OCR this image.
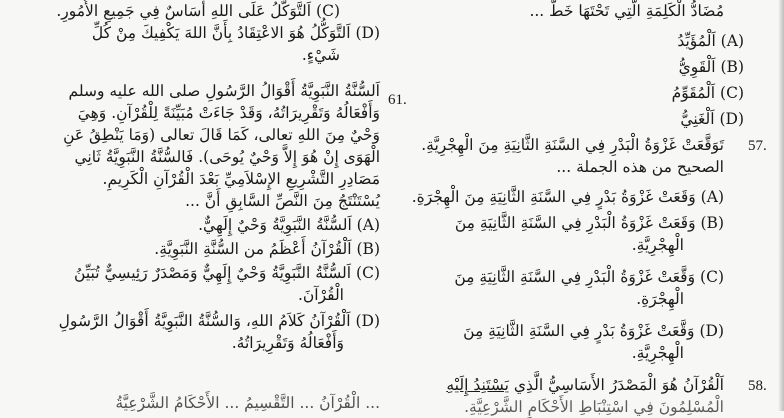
(C) اَلتَّوَكُّلُ عَلَى اللهِ أَسَاسٌ فِي جَمِيعِ الأُمُورِ.
(D) اَلتَّوَكُّلُ هُوَ الاعْتِقَادُ بِأَنَّ اللهَ يَكْفِيكَ مِنْ كُلِّ
شَيْءٍ.
اَلسُّنَّةُ النَّبَوِيَّةُ أَقْوَالُ الرَّسُولِ صلى الله عليه وسلم
وَأَفْعَالُهُ وَتَقْرِيرَاتُهُ، وَقَدْ جَاءَتْ مُبَيِّنَةً لِلْقُرْآنِ. وَهِيَ
وَحْيٌ مِنَ اللهِ تعالى، كَمَا قَالَ تعالى (وَمَا يَنْطِقُ عَنِ
الْهَوَى إِنْ هُوَ إِلاَّ وَحْيٌ يُوحَى). فَالسُّنَّةُ النَّبَوِيَّةُ ثَانِي
مَصَادِرِ التَّشْرِيعِ الإِسْلاَمِيِّ بَعْدَ الْقُرْآنِ الْكَرِيمِ.
يُسْتَنْتَجُ مِنَ النَّصِّ السَّابِقِ أَنَّ ...
(A) اَلسُّنَّةُ النَّبَوِيَّةُ وَحْيٌ إِلَهِيٌّ.
(B) اَلْقُرْآنُ أَعْظَمُ من السُّنَّةِ النَّبَوِيَّةِ.
(C) اَلسُّنَّةُ النَّبَوِيَّةُ وَحْيٌ إِلَهِيٌّ وَمَصْدَرٌ رَئِيسِيٌّ تُبَيِّنُ
الْقُرْآنَ.
(D) اَلْقُرْآنُ كَلاَمُ اللهِ، وَالسُّنَّةُ النَّبَوِيَّةُ أَقْوَالُ الرَّسُولِ
وَأَفْعَالُهُ وَتَقْرِيرَاتُهُ.
... الْقُرْآنُ ... التَّقْسِيمُ ... الأَحْكَامُ الشَّرْعِيَّةُ
61.
مُضَادُّ الْكَلِمَةِ الَّتِي تَحْتَهَا خَطٌّ ...
(A) اَلْمُؤَيِّدُ
(B) اَلْقَوِيُّ
(C) اَلْمُقَوِّمُ
(D) اَلْغَنِيُّ
تَوَقَّعَتْ غَزْوَةُ الْبَدْرِ فِي السَّنَةِ الثَّانِيَةِ مِنَ الْهِجْرِيَّةِ.
الصحيح من هذه الجملة ...
(A) وَقَعَتْ غَزْوَةُ بَدْرٍ فِي السَّنَةِ الثَّانِيَةِ مِنَ الْهِجْرَةِ.
(B) وَقَعَتْ غَزْوَةُ الْبَدْرِ فِي السَّنَةِ الثَّانِيَةِ مِنَ
الْهِجْرِيَّةِ.
(C) وَقَّعَتْ غَزْوَةُ الْبَدْرِ فِي السَّنَةِ الثَّانِيَةِ مِنَ
الْهِجْرَةِ.
(D) وَقَّعَتْ غَزْوَةُ بَدْرٍ فِي السَّنَةِ الثَّانِيَةِ مِنَ
الْهِجْرِيَّةِ.
اَلْقُرْآنُ هُوَ الْمَصْدَرُ الأَسَاسِيُّ الَّذِي يَسْتَنِدُ إِلَيْهِ
الْمُسْلِمُونَ فِي اسْتِنْبَاطِ الأَحْكَامِ الشَّرْعِيَّةِ.
57.
58.
